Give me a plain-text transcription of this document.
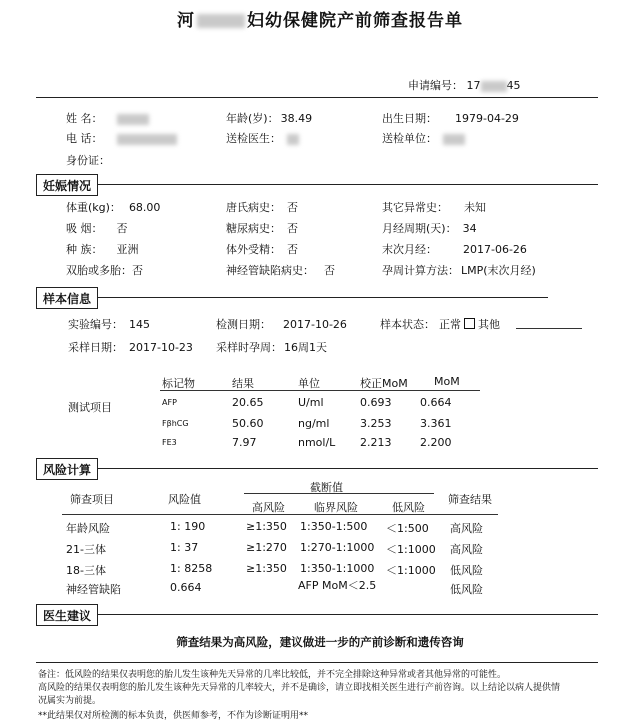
河	妇幼保健院产前筛查报告单
申请编号： 17 45
姓 名：	年龄(岁)： 38.49	出生日期： 1979-04-29
电 话：	送检医生：	送检单位：
身份证：
妊娠情况
体重(kg)： 68.00	唐氏病史： 否	其它异常史： 未知
吸 烟： 否	糖尿病史： 否	月经周期(天)： 34
种 族： 亚洲	体外受精： 否	末次月经： 2017-06-26
双胎或多胎：否	神经管缺陷病史： 否	孕周计算方法： LMP(末次月经)
样本信息
实验编号： 145	检测日期： 2017-10-26	样本状态： 正常 其他
采样日期： 2017-10-23 采样时孕周： 16周1天
标记物	结果	单位	校正MoM MoM
测试项目	AFP	20.65	U/ml	0.693	0.664
FβhCG	50.60	ng/ml	3.253	3.361
FE3	7.97	nmol/L 2.213	2.200
风险计算
截断值
筛查项目	风险值	筛查结果
高风险	临界风险	低风险
年龄风险	1: 190	≥1:350 1:350-1:500 ＜1:500 高风险
21-三体	1: 37	≥1:270 1:270-1:1000 ＜1:1000 高风险
18-三体	1: 8258	≥1:350 1:350-1:1000 ＜1:1000 低风险
神经管缺陷	0.664	AFP MoM＜2.5	低风险
医生建议
筛查结果为高风险，建议做进一步的产前诊断和遗传咨询
备注：低风险的结果仅表明您的胎儿发生该种先天异常的几率比较低，并不完全排除这种异常或者其他异常的可能性。
高风险的结果仅表明您的胎儿发生该种先天异常的几率较大，并不是确诊，请立即找相关医生进行产前咨询。以上结论以病人提供情况属实为前提。
**此结果仅对所检测的标本负责，供医师参考，不作为诊断证明用**
